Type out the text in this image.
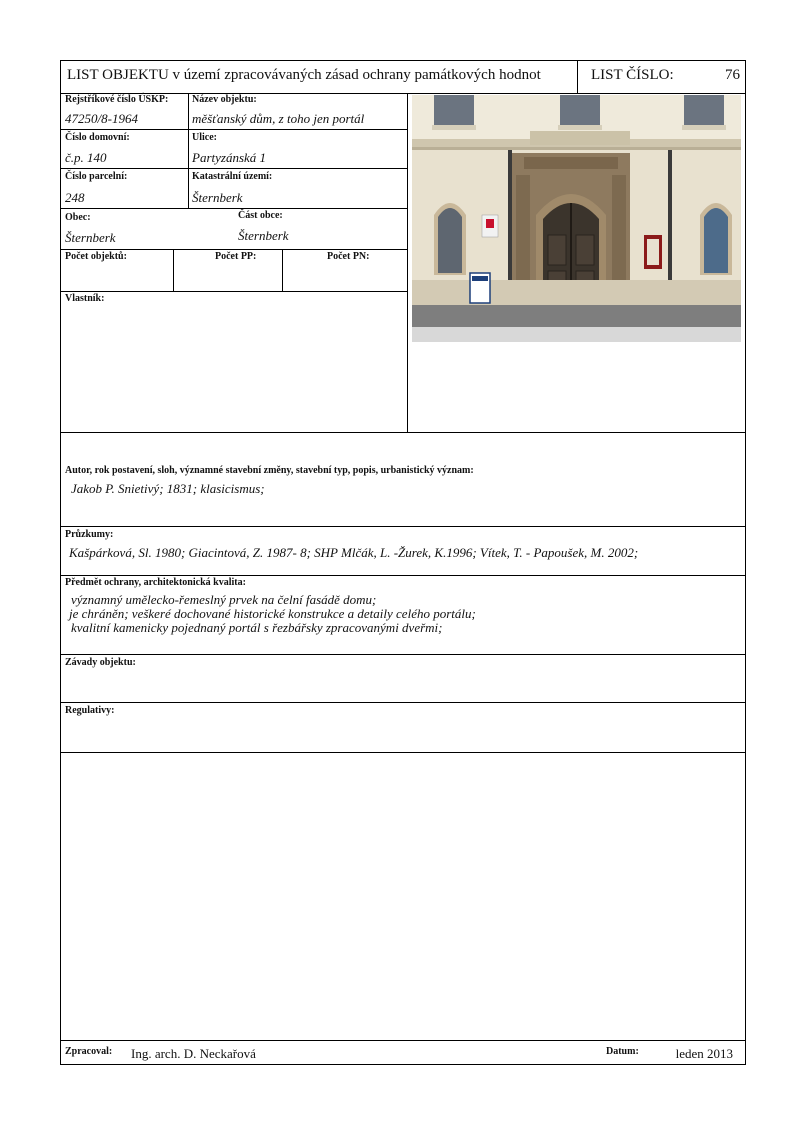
LIST OBJEKTU v území zpracovávaných zásad ochrany památkových hodnot	LIST ČÍSLO:	76
Rejstříkové číslo ÚSKP:
47250/8-1964
Název objektu:
měšťanský dům, z toho jen portál
Číslo domovní:
č.p. 140
Ulice:
Partyzánská 1
Číslo parcelní:
248
Katastrální území:
Šternberk
Obec:
Šternberk
Část obce:
Šternberk
Počet objektů:	Počet PP:	Počet PN:
Vlastník:
Autor, rok postavení, sloh, významné stavební změny, stavební typ, popis, urbanistický význam:
Jakob P. Snietivý; 1831; klasicismus;
Průzkumy:
Kašpárková, Sl. 1980; Giacintová, Z. 1987- 8; SHP Mlčák, L. -Žurek, K.1996; Vítek, T. - Papoušek, M. 2002;
Předmět ochrany, architektonická kvalita:
významný umělecko-řemeslný prvek na čelní fasádě domu;
je chráněn; veškeré dochované historické konstrukce a detaily celého portálu;
kvalitní kamenicky pojednaný portál s řezbářsky zpracovanými dveřmi;
Závady objektu:
Regulativy:
Zpracoval: Ing. arch. D. Neckařová	Datum:	leden 2013
